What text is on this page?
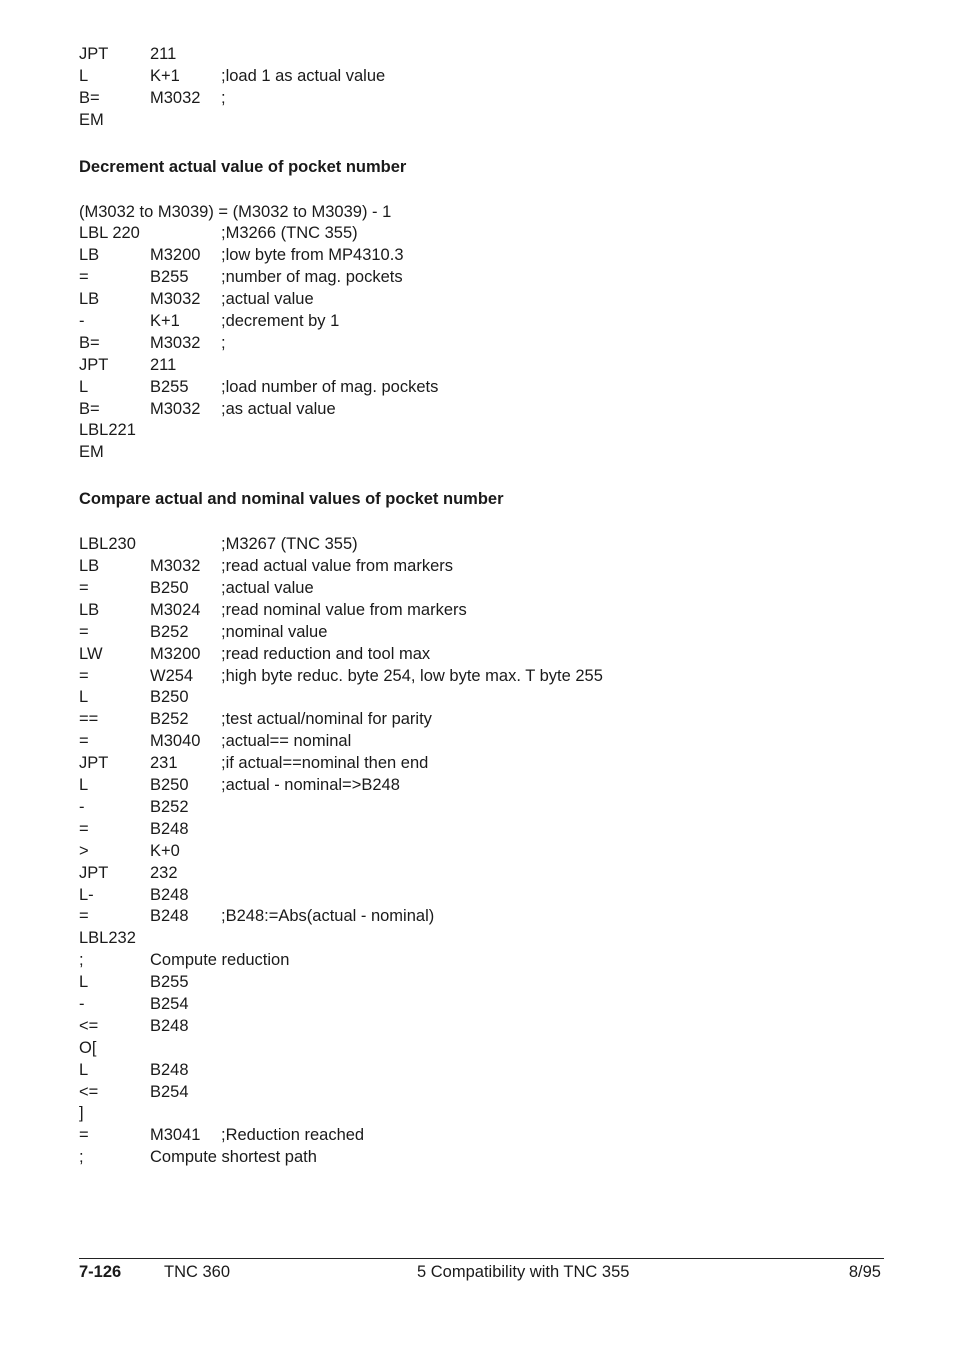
JPT	211
L	K+1 ;load 1 as actual value
B=	M3032 ;
EM
Decrement actual value of pocket number
(M3032 to M3039) = (M3032 to M3039) - 1
LBL 220	;M3266 (TNC 355)
LB	M3200 ;low byte from MP4310.3
=	B255 ;number of mag. pockets
LB	M3032 ;actual value
-	K+1 ;decrement by 1
B=	M3032 ;
JPT	211
L	B255 ;load number of mag. pockets
B=	M3032 ;as actual value
LBL221
EM
Compare actual and nominal values of pocket number
LBL230	;M3267 (TNC 355)
LB	M3032 ;read actual value from markers
=	B250 ;actual value
LB	M3024 ;read nominal value from markers
=	B252 ;nominal value
LW	M3200 ;read reduction and tool max
=	W254 ;high byte reduc. byte 254, low byte max. T byte 255
L	B250
==	B252 ;test actual/nominal for parity
=	M3040 ;actual== nominal
JPT	231	;if actual==nominal then end
L	B250 ;actual - nominal=>B248
-	B252
=	B248
>	K+0
JPT	232
L-	B248
=	B248 ;B248:=Abs(actual - nominal)
LBL232
;	Compute reduction
L	B255
-	B254
<=	B248
O[
L	B248
<=	B254
]
=	M3041 ;Reduction reached
;	Compute shortest path
7-126	TNC 360	5 Compatibility with TNC 355	8/95
